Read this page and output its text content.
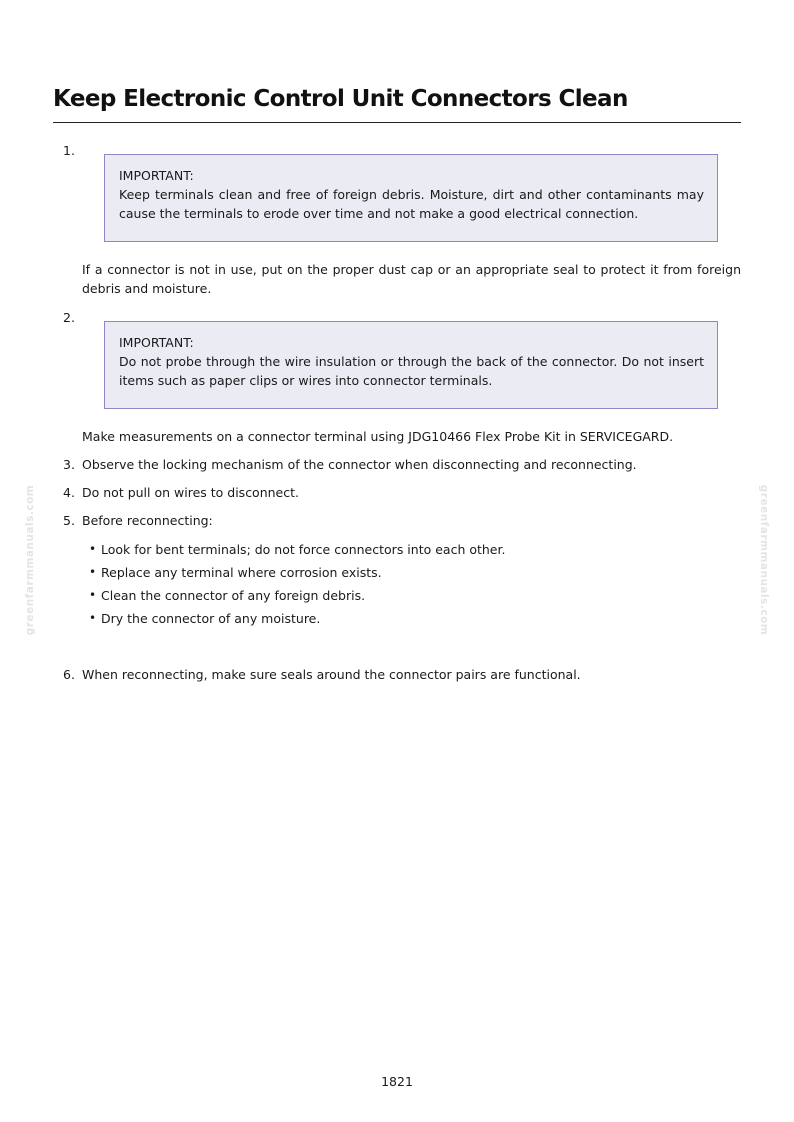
Keep Electronic Control Unit Connectors Clean
1.
IMPORTANT:
Keep terminals clean and free of foreign debris. Moisture, dirt and other contaminants may cause the terminals to erode over time and not make a good electrical connection.
If a connector is not in use, put on the proper dust cap or an appropriate seal to protect it from foreign debris and moisture.
2.
IMPORTANT:
Do not probe through the wire insulation or through the back of the connector. Do not insert items such as paper clips or wires into connector terminals.
Make measurements on a connector terminal using JDG10466 Flex Probe Kit in SERVICEGARD.
3. Observe the locking mechanism of the connector when disconnecting and reconnecting.
4. Do not pull on wires to disconnect.
5. Before reconnecting:
• Look for bent terminals; do not force connectors into each other.
• Replace any terminal where corrosion exists.
• Clean the connector of any foreign debris.
• Dry the connector of any moisture.
6. When reconnecting, make sure seals around the connector pairs are functional.
greenfarmmanuals.com	greenfarmmanuals.com
1821
